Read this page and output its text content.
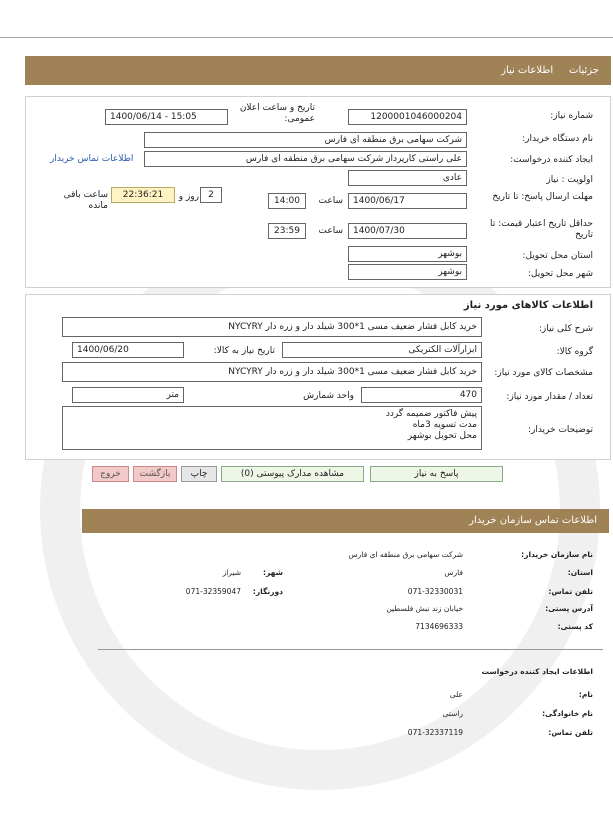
جزئیات     اطلاعات نیاز
شماره نیاز:
1200001046000204
تاریخ و ساعت اعلان عمومی:
1400/06/14 - 15:05
نام دستگاه خریدار:
شرکت سهامی برق منطقه ای فارس
ایجاد کننده درخواست:
علی راستی کارپرداز شرکت سهامی برق منطقه ای فارس
اطلاعات تماس خریدار
اولویت : نیاز
عادی
مهلت ارسال پاسخ: تا تاریخ
1400/06/17
ساعت
14:00
2
روز و
22:36:21
ساعت باقی مانده
حداقل تاریخ اعتبار قیمت: تا تاریخ
1400/07/30
ساعت
23:59
استان محل تحویل:
بوشهر
شهر محل تحویل:
بوشهر
اطلاعات کالاهای مورد نیاز
شرح کلی نیاز:
خرید کابل فشار ضعیف مسی 1*300 شیلد دار و زره دار NYCYRY
گروه کالا:
ابزارآلات الکتریکی
تاریخ نیاز به کالا:
1400/06/20
مشخصات کالای مورد نیاز:
خرید کابل فشار ضعیف مسی 1*300 شیلد دار و زره دار NYCYRY
تعداد / مقدار مورد نیاز:
470
واحد شمارش
متر
توضیحات خریدار:
پیش فاکتور ضمیمه گردد
مدت تسویه 3ماه
محل تحویل بوشهر
پاسخ به نیاز
مشاهده مدارک پیوستی (0)
چاپ
بازگشت
خروج
اطلاعات تماس سازمان خریدار
نام سازمان خریدار:
شرکت سهامی برق منطقه ای فارس
استان:
فارس
شهر:
شیراز
تلفن تماس:
071-32330031
دورنگار:
071-32359047
آدرس پستی:
خیابان زند نبش فلسطین
کد پستی:
7134696333
اطلاعات ایجاد کننده درخواست
نام:
علی
نام خانوادگی:
راستی
تلفن تماس:
071-32337119
